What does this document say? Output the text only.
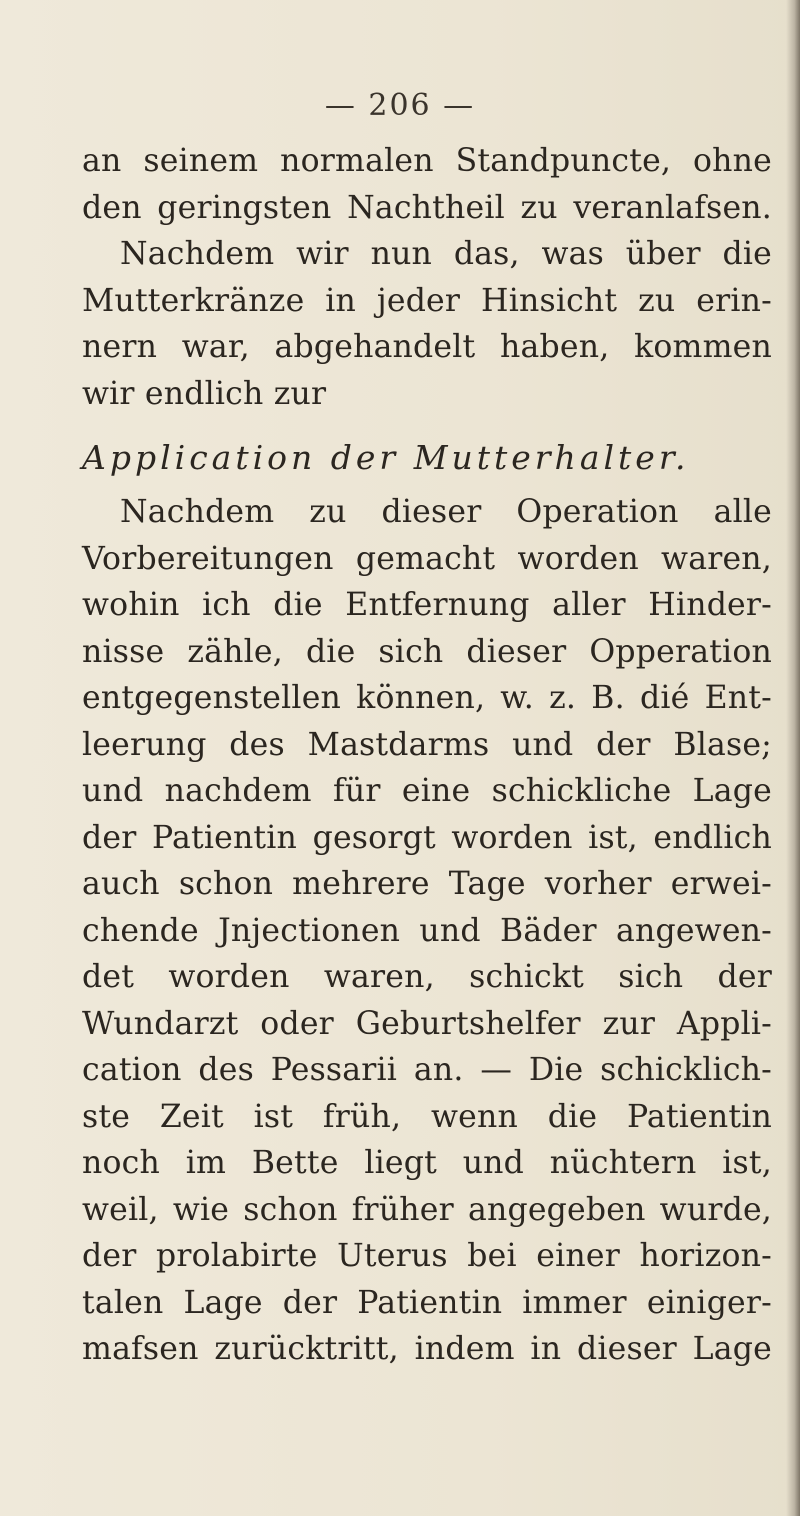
— 206 —
an seinem normalen Standpuncte, ohne
den geringsten Nachtheil zu veranlafsen.
Nachdem wir nun das, was über die
Mutterkränze in jeder Hinsicht zu erin-
nern war, abgehandelt haben, kommen
wir endlich zur
Application der Mutterhalter.
Nachdem zu dieser Operation alle
Vorbereitungen gemacht worden waren,
wohin ich die Entfernung aller Hinder-
nisse zähle, die sich dieser Opperation
entgegenstellen können, w. z. B. dié Ent-
leerung des Mastdarms und der Blase;
und nachdem für eine schickliche Lage
der Patientin gesorgt worden ist, endlich
auch schon mehrere Tage vorher erwei-
chende Jnjectionen und Bäder angewen-
det worden waren, schickt sich der
Wundarzt oder Geburtshelfer zur Appli-
cation des Pessarii an. — Die schicklich-
ste Zeit ist früh, wenn die Patientin
noch im Bette liegt und nüchtern ist,
weil, wie schon früher angegeben wurde,
der prolabirte Uterus bei einer horizon-
talen Lage der Patientin immer einiger-
mafsen zurücktritt, indem in dieser Lage
